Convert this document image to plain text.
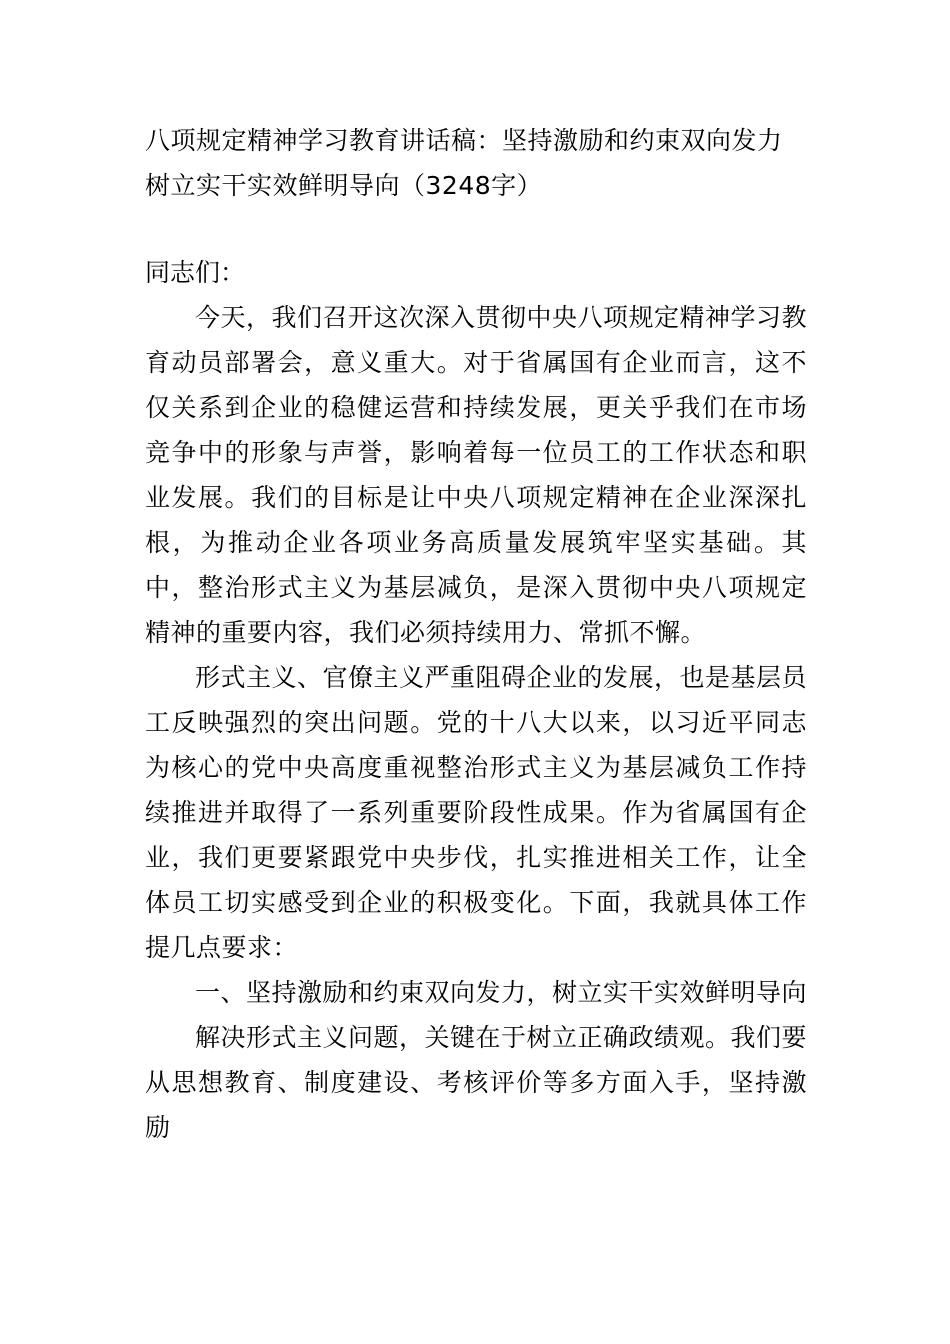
八项规定精神学习教育讲话稿：坚持激励和约束双向发力
树立实干实效鲜明导向（3248字）

同志们：

今天，我们召开这次深入贯彻中央八项规定精神学习教育动员部署会，意义重大。对于省属国有企业而言，这不仅关系到企业的稳健运营和持续发展，更关乎我们在市场竞争中的形象与声誉，影响着每一位员工的工作状态和职业发展。我们的目标是让中央八项规定精神在企业深深扎根，为推动企业各项业务高质量发展筑牢坚实基础。其中，整治形式主义为基层减负，是深入贯彻中央八项规定精神的重要内容，我们必须持续用力、常抓不懈。

形式主义、官僚主义严重阻碍企业的发展，也是基层员工反映强烈的突出问题。党的十八大以来，以习近平同志为核心的党中央高度重视整治形式主义为基层减负工作持续推进并取得了一系列重要阶段性成果。作为省属国有企业，我们更要紧跟党中央步伐，扎实推进相关工作，让全体员工切实感受到企业的积极变化。下面，我就具体工作提几点要求：

一、坚持激励和约束双向发力，树立实干实效鲜明导向

解决形式主义问题，关键在于树立正确政绩观。我们要从思想教育、制度建设、考核评价等多方面入手，坚持激励
